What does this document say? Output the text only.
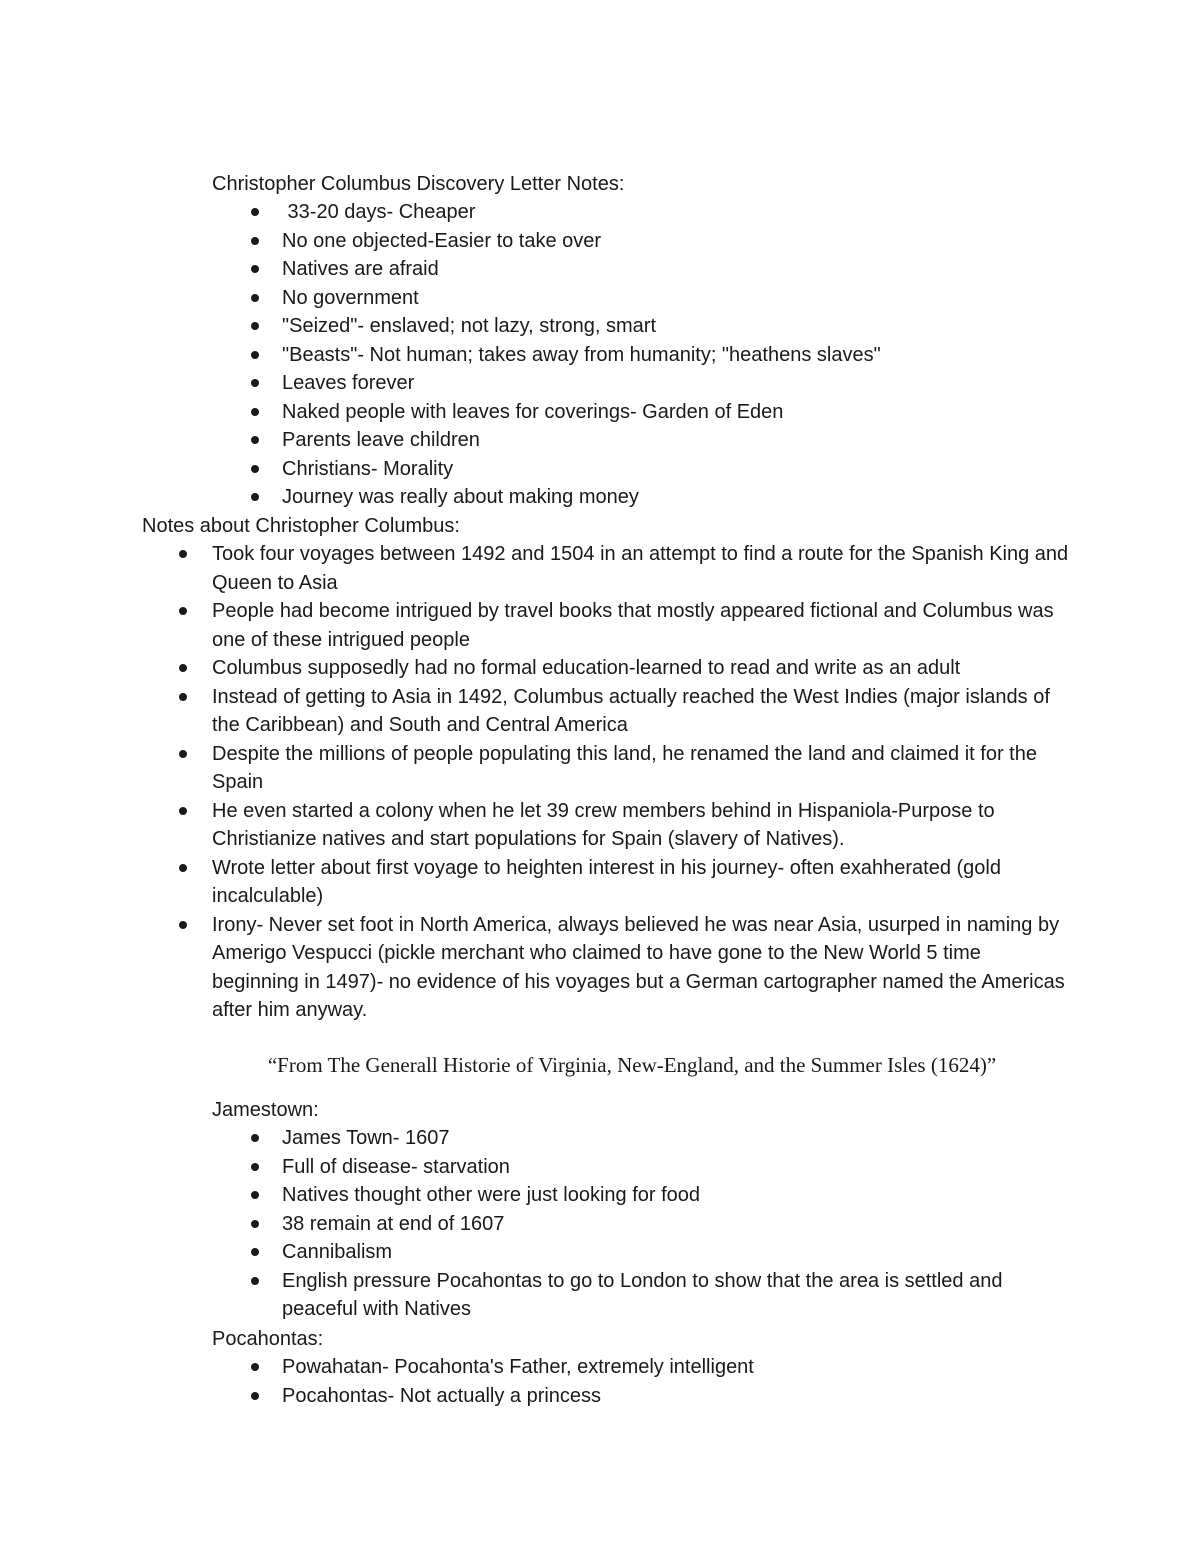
Christopher Columbus Discovery Letter Notes:
33-20 days- Cheaper
No one objected-Easier to take over
Natives are afraid
No government
"Seized"- enslaved; not lazy, strong, smart
"Beasts"- Not human; takes away from humanity; "heathens slaves"
Leaves forever
Naked people with leaves for coverings- Garden of Eden
Parents leave children
Christians- Morality
Journey was really about making money
Notes about Christopher Columbus:
Took four voyages between 1492 and 1504 in an attempt to find a route for the Spanish King and Queen to Asia
People had become intrigued by travel books that mostly appeared fictional and Columbus was one of these intrigued people
Columbus supposedly had no formal education-learned to read and write as an adult
Instead of getting to Asia in 1492, Columbus actually reached the West Indies (major islands of the Caribbean) and South and Central America
Despite the millions of people populating this land, he renamed the land and claimed it for the Spain
He even started a colony when he let 39 crew members behind in Hispaniola-Purpose to Christianize natives and start populations for Spain (slavery of Natives).
Wrote letter about first voyage to heighten interest in his journey- often exahherated (gold incalculable)
Irony- Never set foot in North America, always believed he was near Asia, usurped in naming by Amerigo Vespucci (pickle merchant who claimed to have gone to the New World 5 time beginning in 1497)- no evidence of his voyages but a German cartographer named the Americas after him anyway.
“From The Generall Historie of Virginia, New-England, and the Summer Isles (1624)”
Jamestown:
James Town- 1607
Full of disease- starvation
Natives thought other were just looking for food
38 remain at end of 1607
Cannibalism
English pressure Pocahontas to go to London to show that the area is settled and peaceful with Natives
Pocahontas:
Powahatan- Pocahonta's Father, extremely intelligent
Pocahontas- Not actually a princess
